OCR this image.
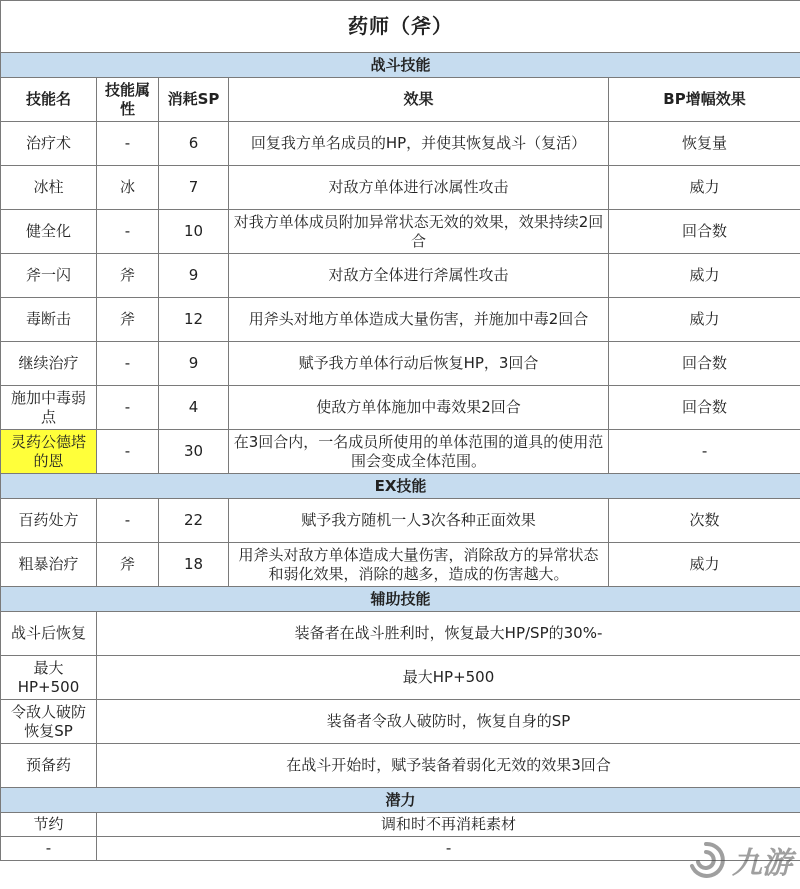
药师（斧）				
战斗技能				
技能名	技能属性	消耗SP	效果	BP增幅效果
治疗术	-	6	回复我方单名成员的HP，并使其恢复战斗（复活）	恢复量
冰柱	冰	7	对敌方单体进行冰属性攻击	威力
健全化	-	10	对我方单体成员附加异常状态无效的效果，效果持续2回合	回合数
斧一闪	斧	9	对敌方全体进行斧属性攻击	威力
毒断击	斧	12	用斧头对地方单体造成大量伤害，并施加中毒2回合	威力
继续治疗	-	9	赋予我方单体行动后恢复HP，3回合	回合数
施加中毒弱点	-	4	使敌方单体施加中毒效果2回合	回合数
灵药公德塔的恩	-	30	在3回合内，一名成员所使用的单体范围的道具的使用范围会变成全体范围。	-
EX技能				
百药处方	-	22	赋予我方随机一人3次各种正面效果	次数
粗暴治疗	斧	18	用斧头对敌方单体造成大量伤害，消除敌方的异常状态和弱化效果，消除的越多，造成的伤害越大。	威力
辅助技能				
战斗后恢复	装备者在战斗胜利时，恢复最大HP/SP的30%-			
最大HP+500	最大HP+500			
令敌人破防恢复SP	装备者令敌人破防时，恢复自身的SP			
预备药	在战斗开始时，赋予装备着弱化无效的效果3回合			
潜力				
节约	调和时不再消耗素材			
-	-				九游
